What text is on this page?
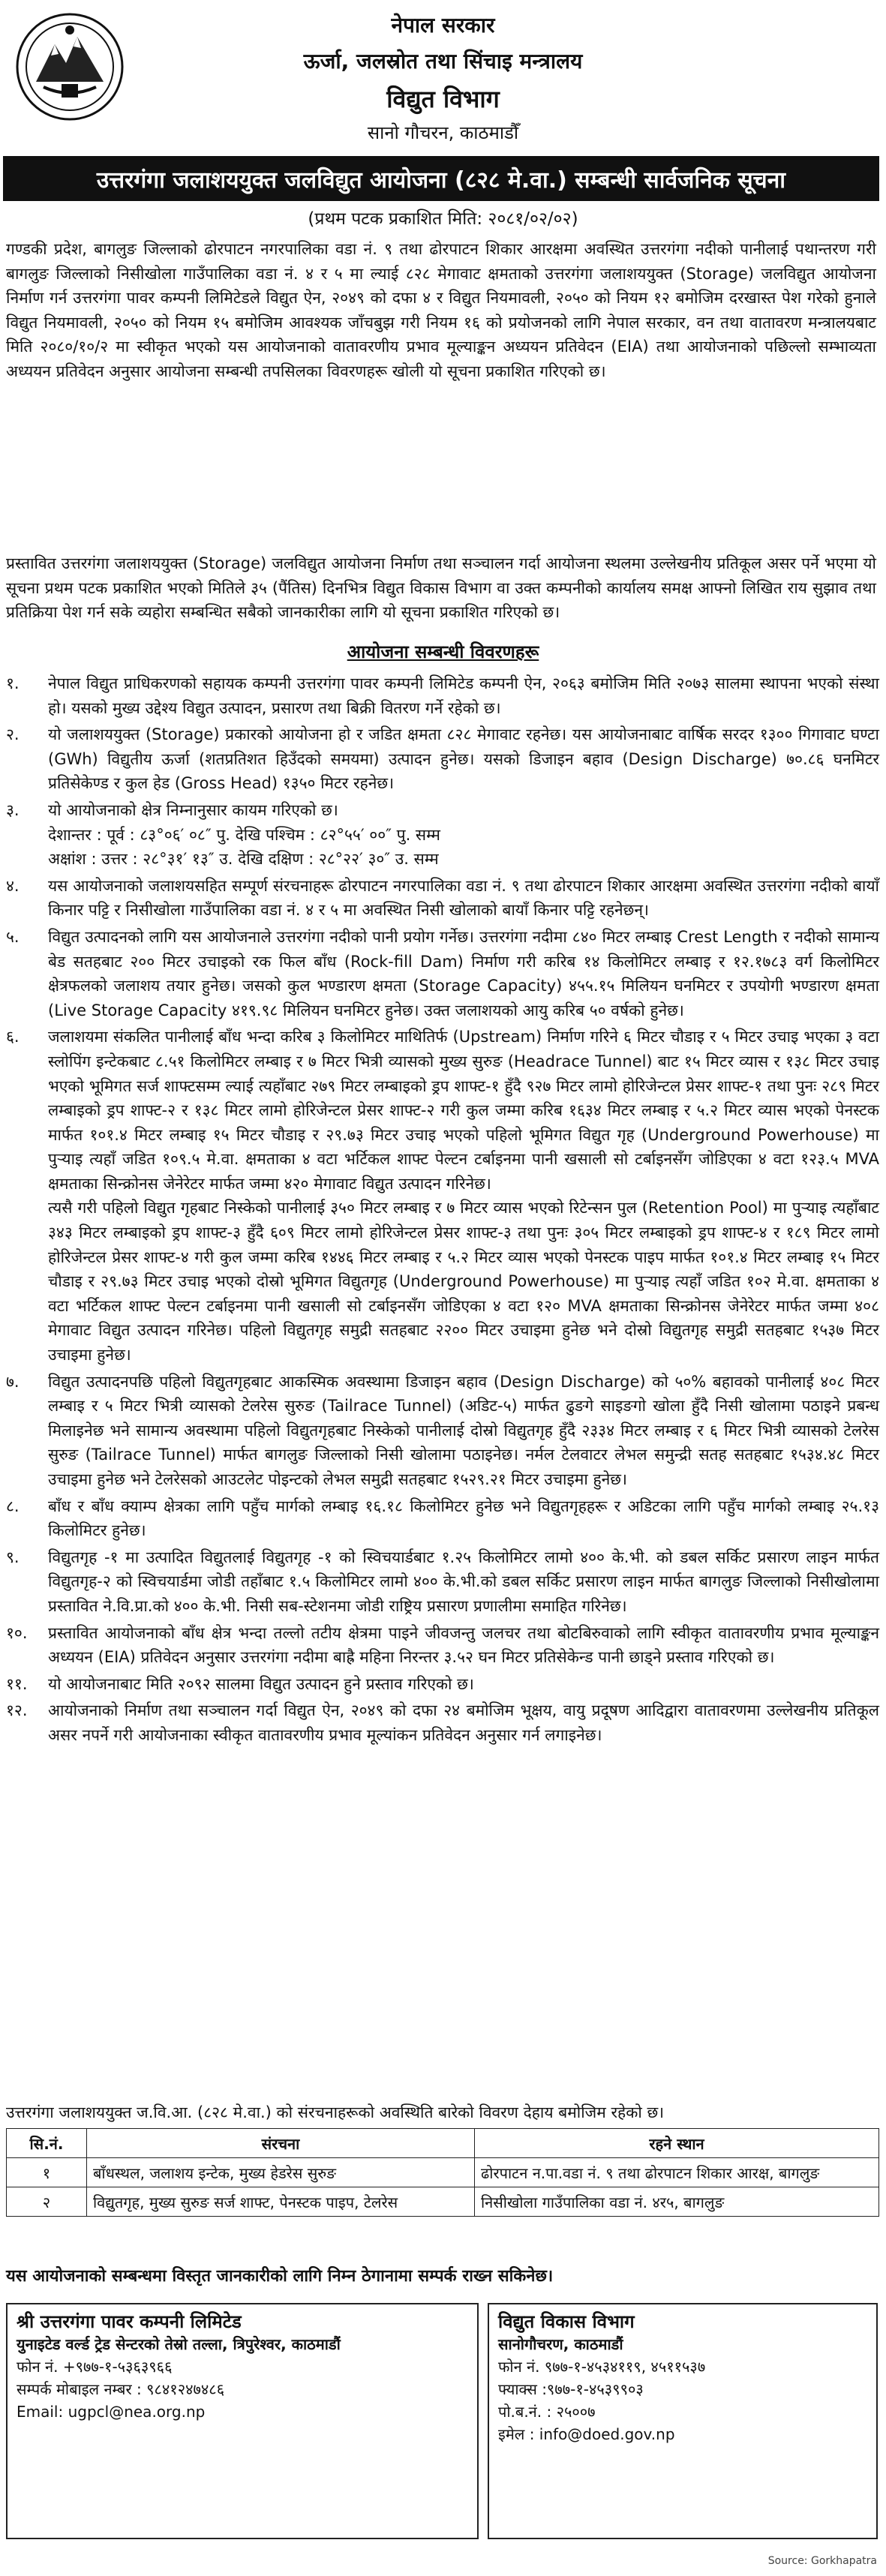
नेपाल सरकार
ऊर्जा, जलस्रोत तथा सिंचाइ मन्त्रालय
विद्युत विभाग
सानो गौचरन, काठमाडौँ
उत्तरगंगा जलाशययुक्त जलविद्युत आयोजना (८२८ मे.वा.) सम्बन्धी सार्वजनिक सूचना
(प्रथम पटक प्रकाशित मिति: २०८१/०२/०२)
गण्डकी प्रदेश, बागलुङ जिल्लाको ढोरपाटन नगरपालिका वडा नं. ९ तथा ढोरपाटन शिकार आरक्षमा अवस्थित उत्तरगंगा नदीको पानीलाई पथान्तरण गरी बागलुङ जिल्लाको निसीखोला गाउँपालिका वडा नं. ४ र ५ मा ल्याई ८२८ मेगावाट क्षमताको उत्तरगंगा जलाशययुक्त (Storage) जलविद्युत आयोजना निर्माण गर्न उत्तरगंगा पावर कम्पनी लिमिटेडले विद्युत ऐन, २०४९ को दफा ४ र विद्युत नियमावली, २०५० को नियम १२ बमोजिम दरखास्त पेश गरेको हुनाले विद्युत नियमावली, २०५० को नियम १५ बमोजिम आवश्यक जाँचबुझ गरी नियम १६ को प्रयोजनको लागि नेपाल सरकार, वन तथा वातावरण मन्त्रालयबाट मिति २०८०/१०/२ मा स्वीकृत भएको यस आयोजनाको वातावरणीय प्रभाव मूल्याङ्कन अध्ययन प्रतिवेदन (EIA) तथा आयोजनाको पछिल्लो सम्भाव्यता अध्ययन प्रतिवेदन अनुसार आयोजना सम्बन्धी तपसिलका विवरणहरू खोली यो सूचना प्रकाशित गरिएको छ।
प्रस्तावित उत्तरगंगा जलाशययुक्त (Storage) जलविद्युत आयोजना निर्माण तथा सञ्चालन गर्दा आयोजना स्थलमा उल्लेखनीय प्रतिकूल असर पर्ने भएमा यो सूचना प्रथम पटक प्रकाशित भएको मितिले ३५ (पैंतिस) दिनभित्र विद्युत विकास विभाग वा उक्त कम्पनीको कार्यालय समक्ष आफ्नो लिखित राय सुझाव तथा प्रतिक्रिया पेश गर्न सके व्यहोरा सम्बन्धित सबैको जानकारीका लागि यो सूचना प्रकाशित गरिएको छ।
आयोजना सम्बन्धी विवरणहरू
१.	नेपाल विद्युत प्राधिकरणको सहायक कम्पनी उत्तरगंगा पावर कम्पनी लिमिटेड कम्पनी ऐन, २०६३ बमोजिम मिति २०७३ सालमा स्थापना भएको संस्था हो। यसको मुख्य उद्देश्य विद्युत उत्पादन, प्रसारण तथा बिक्री वितरण गर्ने रहेको छ।
२.	यो जलाशययुक्त (Storage) प्रकारको आयोजना हो र जडित क्षमता ८२८ मेगावाट रहनेछ। यस आयोजनाबाट वार्षिक सरदर १३०० गिगावाट घण्टा (GWh) विद्युतीय ऊर्जा (शतप्रतिशत हिउँदको समयमा) उत्पादन हुनेछ। यसको डिजाइन बहाव (Design Discharge) ७०.८६ घनमिटर प्रतिसेकेण्ड र कुल हेड (Gross Head) १३५० मिटर रहनेछ।
३.	यो आयोजनाको क्षेत्र निम्नानुसार कायम गरिएको छ।
देशान्तर : पूर्व : ८३°०६′ ०८″ पु. देखि पश्चिम : ८२°५५′ ००″ पु. सम्म
अक्षांश : उत्तर : २८°३१′ १३″ उ. देखि दक्षिण : २८°२२′ ३०″ उ. सम्म
४.	यस आयोजनाको जलाशयसहित सम्पूर्ण संरचनाहरू ढोरपाटन नगरपालिका वडा नं. ९ तथा ढोरपाटन शिकार आरक्षमा अवस्थित उत्तरगंगा नदीको बायाँ किनार पट्टि र निसीखोला गाउँपालिका वडा नं. ४ र ५ मा अवस्थित निसी खोलाको बायाँ किनार पट्टि रहनेछन्।
५.	विद्युत उत्पादनको लागि यस आयोजनाले उत्तरगंगा नदीको पानी प्रयोग गर्नेछ। उत्तरगंगा नदीमा ८४० मिटर लम्बाइ Crest Length र नदीको सामान्य बेड सतहबाट २०० मिटर उचाइको रक फिल बाँध (Rock-fill Dam) निर्माण गरी करिब १४ किलोमिटर लम्बाइ र १२.१७८३ वर्ग किलोमिटर क्षेत्रफलको जलाशय तयार हुनेछ। जसको कुल भण्डारण क्षमता (Storage Capacity) ४५५.१५ मिलियन घनमिटर र उपयोगी भण्डारण क्षमता (Live Storage Capacity ४१९.९८ मिलियन घनमिटर हुनेछ। उक्त जलाशयको आयु करिब ५० वर्षको हुनेछ।
६.	जलाशयमा संकलित पानीलाई बाँध भन्दा करिब ३ किलोमिटर माथितिर्फ (Upstream) निर्माण गरिने ६ मिटर चौडाइ र ५ मिटर उचाइ भएका ३ वटा स्लोपिंग इन्टेकबाट ८.५१ किलोमिटर लम्बाइ र ७ मिटर भित्री व्यासको मुख्य सुरुङ (Headrace Tunnel) बाट १५ मिटर व्यास र १३८ मिटर उचाइ भएको भूमिगत सर्ज शाफ्टसम्म ल्याई त्यहाँबाट २७९ मिटर लम्बाइको ड्रप शाफ्ट-१ हुँदै ९२७ मिटर लामो होरिजेन्टल प्रेसर शाफ्ट-१ तथा पुनः २८९ मिटर लम्बाइको ड्रप शाफ्ट-२ र १३८ मिटर लामो होरिजेन्टल प्रेसर शाफ्ट-२ गरी कुल जम्मा करिब १६३४ मिटर लम्बाइ र ५.२ मिटर व्यास भएको पेनस्टक मार्फत १०१.४ मिटर लम्बाइ १५ मिटर चौडाइ र २९.७३ मिटर उचाइ भएको पहिलो भूमिगत विद्युत गृह (Underground Powerhouse) मा पुऱ्याइ त्यहाँ जडित १०९.५ मे.वा. क्षमताका ४ वटा भर्टिकल शाफ्ट पेल्टन टर्बाइनमा पानी खसाली सो टर्बाइनसँग जोडिएका ४ वटा १२३.५ MVA क्षमताका सिन्क्रोनस जेनेरेटर मार्फत जम्मा ४२० मेगावाट विद्युत उत्पादन गरिनेछ।
त्यसै गरी पहिलो विद्युत गृहबाट निस्केको पानीलाई ३५० मिटर लम्बाइ र ७ मिटर व्यास भएको रिटेन्सन पुल (Retention Pool) मा पुऱ्याइ त्यहाँबाट ३४३ मिटर लम्बाइको ड्रप शाफ्ट-३ हुँदै ६०९ मिटर लामो होरिजेन्टल प्रेसर शाफ्ट-३ तथा पुनः ३०५ मिटर लम्बाइको ड्रप शाफ्ट-४ र १८९ मिटर लामो होरिजेन्टल प्रेसर शाफ्ट-४ गरी कुल जम्मा करिब १४४६ मिटर लम्बाइ र ५.२ मिटर व्यास भएको पेनस्टक पाइप मार्फत १०१.४ मिटर लम्बाइ १५ मिटर चौडाइ र २९.७३ मिटर उचाइ भएको दोस्रो भूमिगत विद्युतगृह (Underground Powerhouse) मा पुऱ्याइ त्यहाँ जडित १०२ मे.वा. क्षमताका ४ वटा भर्टिकल शाफ्ट पेल्टन टर्बाइनमा पानी खसाली सो टर्बाइनसँग जोडिएका ४ वटा १२० MVA क्षमताका सिन्क्रोनस जेनेरेटर मार्फत जम्मा ४०८ मेगावाट विद्युत उत्पादन गरिनेछ। पहिलो विद्युतगृह समुद्री सतहबाट २२०० मिटर उचाइमा हुनेछ भने दोस्रो विद्युतगृह समुद्री सतहबाट १५३७ मिटर उचाइमा हुनेछ।
७.	विद्युत उत्पादनपछि पहिलो विद्युतगृहबाट आकस्मिक अवस्थामा डिजाइन बहाव (Design Discharge) को ५०% बहावको पानीलाई ४०८ मिटर लम्बाइ र ५ मिटर भित्री व्यासको टेलरेस सुरुङ (Tailrace Tunnel) (अडिट-५) मार्फत ढुङगे साइङगो खोला हुँदै निसी खोलामा पठाइने प्रबन्ध मिलाइनेछ भने सामान्य अवस्थामा पहिलो विद्युतगृहबाट निस्केको पानीलाई दोस्रो विद्युतगृह हुँदै २३३४ मिटर लम्बाइ र ६ मिटर भित्री व्यासको टेलरेस सुरुङ (Tailrace Tunnel) मार्फत बागलुङ जिल्लाको निसी खोलामा पठाइनेछ। नर्मल टेलवाटर लेभल समुन्द्री सतह सतहबाट १५३४.४८ मिटर उचाइमा हुनेछ भने टेलरेसको आउटलेट पोइन्टको लेभल समुद्री सतहबाट १५२९.२१ मिटर उचाइमा हुनेछ।
८.	बाँध र बाँध क्याम्प क्षेत्रका लागि पहुँच मार्गको लम्बाइ १६.१८ किलोमिटर हुनेछ भने विद्युतगृहहरू र अडिटका लागि पहुँच मार्गको लम्बाइ २५.१३ किलोमिटर हुनेछ।
९.	विद्युतगृह -१ मा उत्पादित विद्युतलाई विद्युतगृह -१ को स्विचयार्डबाट १.२५ किलोमिटर लामो ४०० के.भी. को डबल सर्किट प्रसारण लाइन मार्फत विद्युतगृह-२ को स्विचयार्डमा जोडी तहाँबाट १.५ किलोमिटर लामो ४०० के.भी.को डबल सर्किट प्रसारण लाइन मार्फत बागलुङ जिल्लाको निसीखोलामा प्रस्तावित ने.वि.प्रा.को ४०० के.भी. निसी सब-स्टेशनमा जोडी राष्ट्रिय प्रसारण प्रणालीमा समाहित गरिनेछ।
१०.	प्रस्तावित आयोजनाको बाँध क्षेत्र भन्दा तल्लो तटीय क्षेत्रमा पाइने जीवजन्तु जलचर तथा बोटबिरुवाको लागि स्वीकृत वातावरणीय प्रभाव मूल्याङ्कन अध्ययन (EIA) प्रतिवेदन अनुसार उत्तरगंगा नदीमा बाह्रै महिना निरन्तर ३.५२ घन मिटर प्रतिसेकेन्ड पानी छाड्ने प्रस्ताव गरिएको छ।
११.	यो आयोजनाबाट मिति २०९२ सालमा विद्युत उत्पादन हुने प्रस्ताव गरिएको छ।
१२.	आयोजनाको निर्माण तथा सञ्चालन गर्दा विद्युत ऐन, २०४९ को दफा २४ बमोजिम भूक्षय, वायु प्रदूषण आदिद्वारा वातावरणमा उल्लेखनीय प्रतिकूल असर नपर्ने गरी आयोजनाका स्वीकृत वातावरणीय प्रभाव मूल्यांकन प्रतिवेदन अनुसार गर्न लगाइनेछ।
उत्तरगंगा जलाशययुक्त ज.वि.आ. (८२८ मे.वा.) को संरचनाहरूको अवस्थिति बारेको विवरण देहाय बमोजिम रहेको छ।
सि.नं.	संरचना	रहने स्थान
१	बाँधस्थल, जलाशय इन्टेक, मुख्य हेडरेस सुरुङ	ढोरपाटन न.पा.वडा नं. ९ तथा ढोरपाटन शिकार आरक्ष, बागलुङ
२	विद्युतगृह, मुख्य सुरुङ सर्ज शाफ्ट, पेनस्टक पाइप, टेलरेस	निसीखोला गाउँपालिका वडा नं. ४र५, बागलुङ
यस आयोजनाको सम्बन्धमा विस्तृत जानकारीको लागि निम्न ठेगानामा सम्पर्क राख्न सकिनेछ।
श्री उत्तरगंगा पावर कम्पनी लिमिटेड
युनाइटेड वर्ल्ड ट्रेड सेन्टरको तेस्रो तल्ला, त्रिपुरेश्वर, काठमाडौं
फोन नं. +९७७-१-५३६३९६६
सम्पर्क मोबाइल नम्बर : ९८४१२४७४८६
Email: ugpcl@nea.org.np
विद्युत विकास विभाग
सानोगौचरण, काठमाडौं
फोन नं. ९७७-१-४५३४११९, ४५११५३७
फ्याक्स :९७७-१-४५३९९०३
पो.ब.नं. : २५००७
इमेल : info@doed.gov.np
Source: Gorkhapatra
